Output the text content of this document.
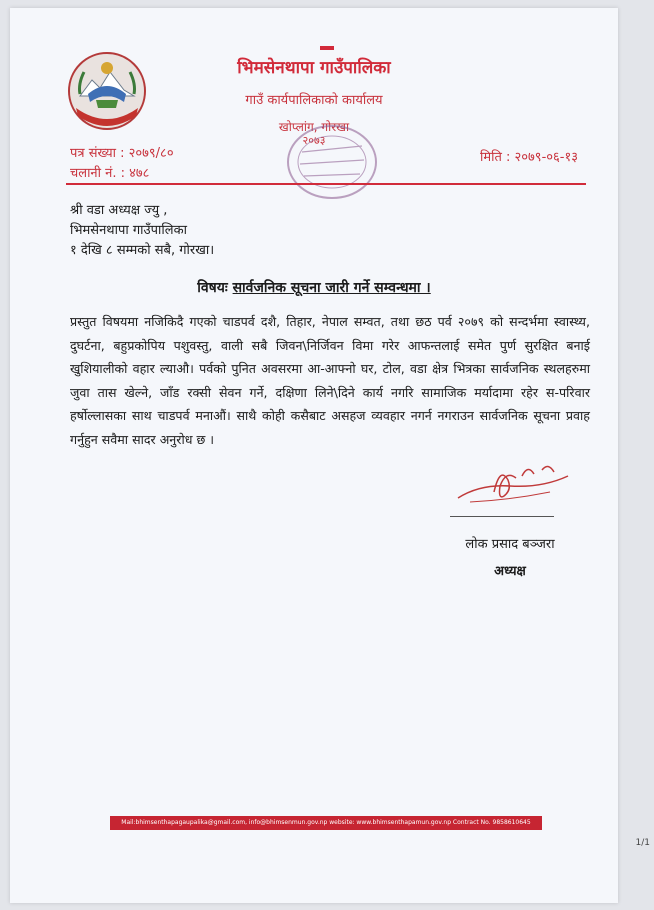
भिमसेनथापा गाउँपालिका
गाउँ कार्यपालिकाको कार्यालय
खोप्लांग, गोरखा
२०७३
पत्र संख्या : २०७९/८०
चलानी नं. : ४७८
मिति : २०७९-०६-१३
श्री वडा अध्यक्ष ज्यु ,
भिमसेनथापा गाउँपालिका
१ देखि ८ सम्मको सबै, गोरखा।
विषयः सार्वजनिक सूचना जारी गर्ने सम्वन्धमा ।
प्रस्तुत विषयमा नजिकिदै गएको चाडपर्व दशै, तिहार, नेपाल सम्वत, तथा छठ पर्व २०७९ को सन्दर्भमा स्वास्थ्य, दुघर्टना, बहुप्रकोपिय पशुवस्तु, वाली सबै जिवन\निर्जिवन विमा गरेर आफन्तलाई समेत पुर्ण सुरक्षित बनाई खुशियालीको वहार ल्याऔ। पर्वको पुनित अवसरमा आ-आफ्नो घर, टोल, वडा क्षेत्र भित्रका सार्वजनिक स्थलहरुमा जुवा तास खेल्ने, जाँड रक्सी सेवन गर्ने, दक्षिणा लिने\दिने कार्य नगरि सामाजिक मर्यादामा रहेर स-परिवार हर्षोल्लासका साथ चाडपर्व मनाऔं। साथै कोही कसैबाट असहज व्यवहार नगर्न नगराउन सार्वजनिक सूचना प्रवाह गर्नुहुन सवैमा सादर अनुरोध छ ।
लोक प्रसाद बञ्जरा
अध्यक्ष
Mail:bhimsenthapagaupalika@gmail.com, info@bhimsenmun.gov.np website: www.bhimsenthapamun.gov.np Contract No. 9858610645
1/1
